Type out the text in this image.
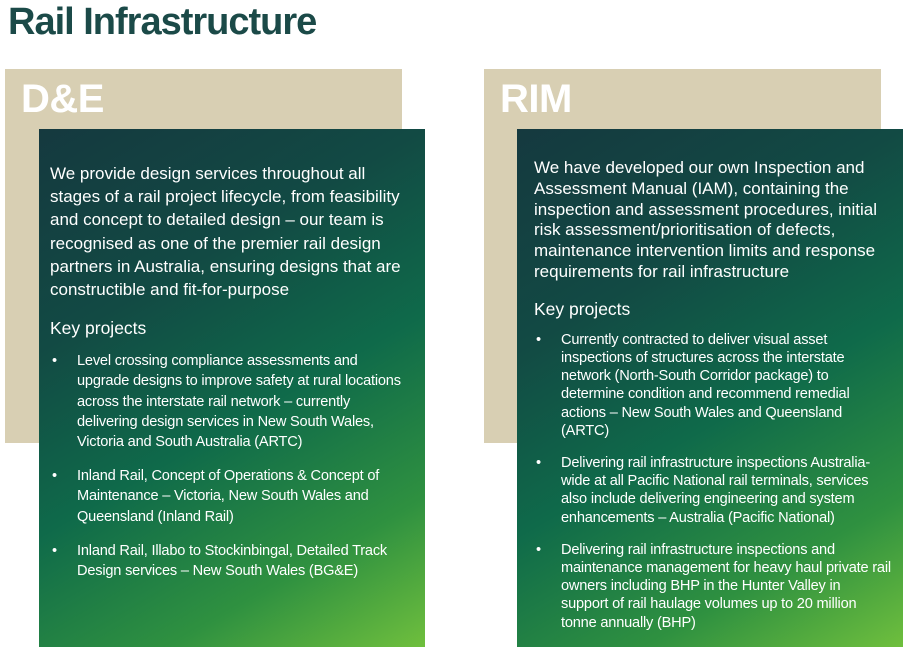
Rail Infrastructure
D&E

We provide design services throughout all stages of a rail project lifecycle, from feasibility and concept to detailed design – our team is recognised as one of the premier rail design partners in Australia, ensuring designs that are constructible and fit-for-purpose

Key projects
• Level crossing compliance assessments and upgrade designs to improve safety at rural locations across the interstate rail network – currently delivering design services in New South Wales, Victoria and South Australia (ARTC)
• Inland Rail, Concept of Operations & Concept of Maintenance – Victoria, New South Wales and Queensland (Inland Rail)
• Inland Rail, Illabo to Stockinbingal, Detailed Track Design services – New South Wales (BG&E)
RIM

We have developed our own Inspection and Assessment Manual (IAM), containing the inspection and assessment procedures, initial risk assessment/prioritisation of defects, maintenance intervention limits and response requirements for rail infrastructure

Key projects
• Currently contracted to deliver visual asset inspections of structures across the interstate network (North-South Corridor package) to determine condition and recommend remedial actions – New South Wales and Queensland (ARTC)
• Delivering rail infrastructure inspections Australia-wide at all Pacific National rail terminals, services also include delivering engineering and system enhancements – Australia (Pacific National)
• Delivering rail infrastructure inspections and maintenance management for heavy haul private rail owners including BHP in the Hunter Valley in support of rail haulage volumes up to 20 million tonne annually (BHP)
